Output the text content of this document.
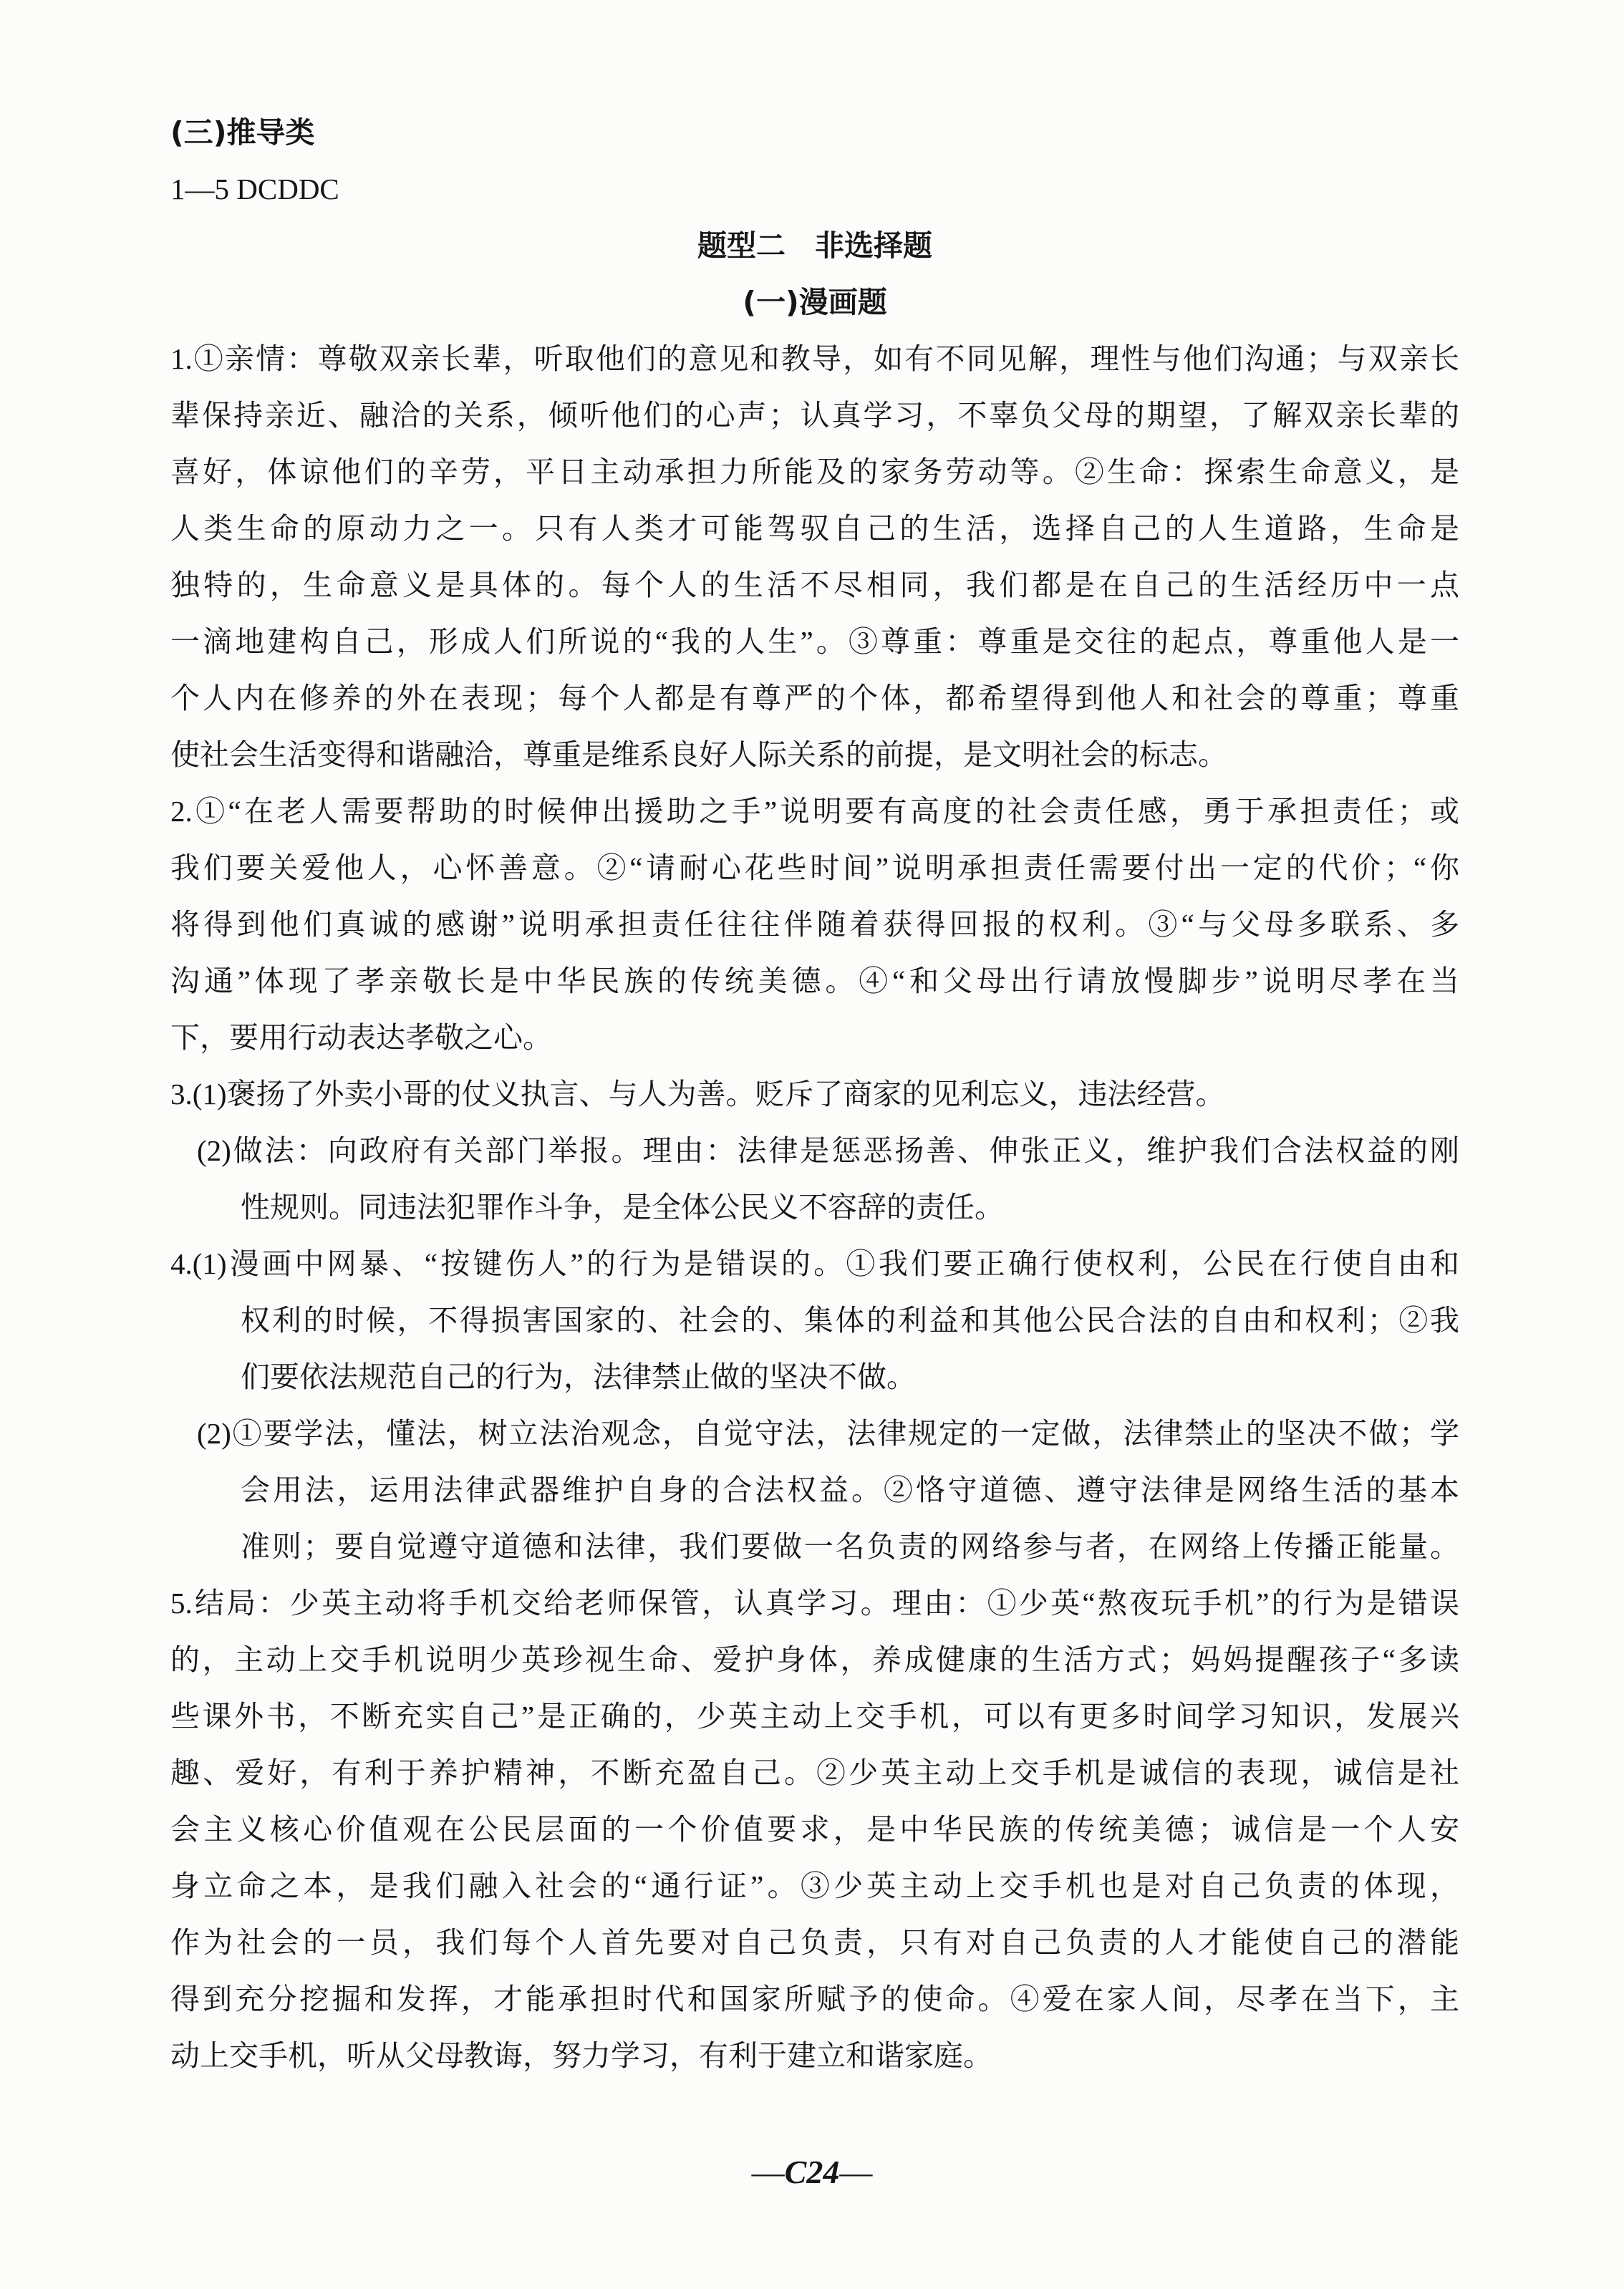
(三)推导类
1—5 DCDDC
题型二　非选择题
(一)漫画题
1.①亲情：尊敬双亲长辈，听取他们的意见和教导，如有不同见解，理性与他们沟通；与双亲长
辈保持亲近、融洽的关系，倾听他们的心声；认真学习，不辜负父母的期望，了解双亲长辈的
喜好，体谅他们的辛劳，平日主动承担力所能及的家务劳动等。②生命：探索生命意义，是
人类生命的原动力之一。只有人类才可能驾驭自己的生活，选择自己的人生道路，生命是
独特的，生命意义是具体的。每个人的生活不尽相同，我们都是在自己的生活经历中一点
一滴地建构自己，形成人们所说的“我的人生”。③尊重：尊重是交往的起点，尊重他人是一
个人内在修养的外在表现；每个人都是有尊严的个体，都希望得到他人和社会的尊重；尊重
使社会生活变得和谐融洽，尊重是维系良好人际关系的前提，是文明社会的标志。
2.①“在老人需要帮助的时候伸出援助之手”说明要有高度的社会责任感，勇于承担责任；或
我们要关爱他人，心怀善意。②“请耐心花些时间”说明承担责任需要付出一定的代价；“你
将得到他们真诚的感谢”说明承担责任往往伴随着获得回报的权利。③“与父母多联系、多
沟通”体现了孝亲敬长是中华民族的传统美德。④“和父母出行请放慢脚步”说明尽孝在当
下，要用行动表达孝敬之心。
3.(1)褒扬了外卖小哥的仗义执言、与人为善。贬斥了商家的见利忘义，违法经营。
(2)做法：向政府有关部门举报。理由：法律是惩恶扬善、伸张正义，维护我们合法权益的刚
性规则。同违法犯罪作斗争，是全体公民义不容辞的责任。
4.(1)漫画中网暴、“按键伤人”的行为是错误的。①我们要正确行使权利，公民在行使自由和
权利的时候，不得损害国家的、社会的、集体的利益和其他公民合法的自由和权利；②我
们要依法规范自己的行为，法律禁止做的坚决不做。
(2)①要学法，懂法，树立法治观念，自觉守法，法律规定的一定做，法律禁止的坚决不做；学
会用法，运用法律武器维护自身的合法权益。②恪守道德、遵守法律是网络生活的基本
准则；要自觉遵守道德和法律，我们要做一名负责的网络参与者，在网络上传播正能量。
5.结局：少英主动将手机交给老师保管，认真学习。理由：①少英“熬夜玩手机”的行为是错误
的，主动上交手机说明少英珍视生命、爱护身体，养成健康的生活方式；妈妈提醒孩子“多读
些课外书，不断充实自己”是正确的，少英主动上交手机，可以有更多时间学习知识，发展兴
趣、爱好，有利于养护精神，不断充盈自己。②少英主动上交手机是诚信的表现，诚信是社
会主义核心价值观在公民层面的一个价值要求，是中华民族的传统美德；诚信是一个人安
身立命之本，是我们融入社会的“通行证”。③少英主动上交手机也是对自己负责的体现，
作为社会的一员，我们每个人首先要对自己负责，只有对自己负责的人才能使自己的潜能
得到充分挖掘和发挥，才能承担时代和国家所赋予的使命。④爱在家人间，尽孝在当下，主
动上交手机，听从父母教诲，努力学习，有利于建立和谐家庭。
—C24—
